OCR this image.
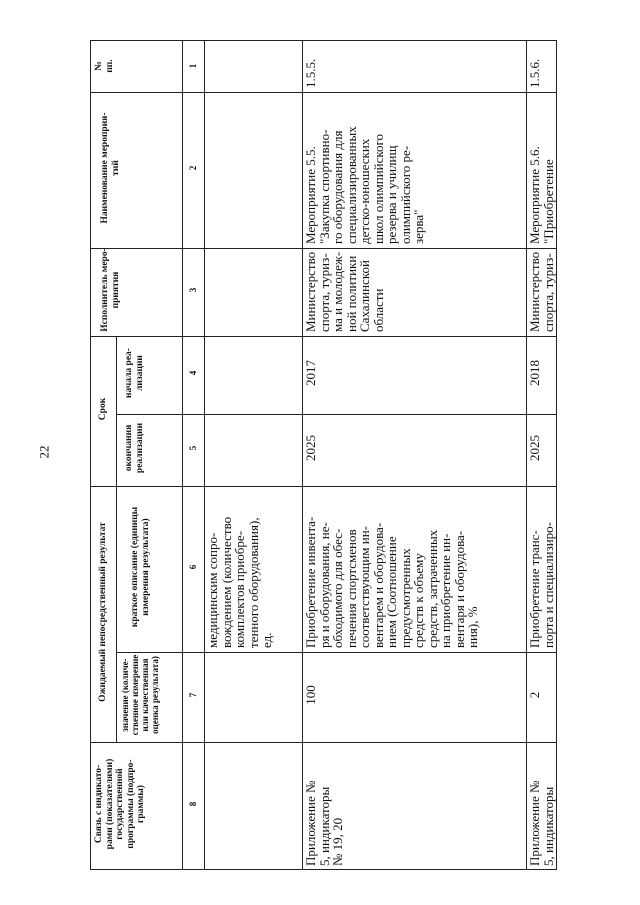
22
№
пп.
Наименование мероприя-
тий
Исполнитель меро-
приятия
Срок
начала реа-
лизации
окончания
реализации
Ожидаемый непосредственный результат краткое описание (единицы
измерения результата)
значение (количе-
ственное измерение
или качественная
оценка результата)
Связь с индикато-
рами (показателями)
государственной
программы (подпро-
граммы)
1
2
3
4
5
6
7
8
медицинским сопро-
вождением (количество
комплектов приобре-
тенного оборудования),
ед.
1.5.5.
Мероприятие 5.5.
"Закупка спортивно-
го оборудования для
специализированных
детско-юношеских
школ олимпийского
резерва и училищ
олимпийского ре-
зерва"
Министерство
спорта, туриз-
ма и молодеж-
ной политики
Сахалинской
области
2017
2025
Приобретение инвента-
ря и оборудования, не-
обходимого для обес-
печения спортсменов
соответствующим ин-
вентарем и оборудова-
нием (Соотношение
предусмотренных
средств к объему
средств, затраченных
на приобретение ин-
вентаря и оборудова-
ния), %
100
Приложение №
5, индикаторы
№ 19, 20
1.5.6.
Мероприятие 5.6.
"Приобретение
Министерство
спорта, туриз-
2018
2025
Приобретение транс-
порта и специализиро-
2
Приложение №
5, индикаторы
